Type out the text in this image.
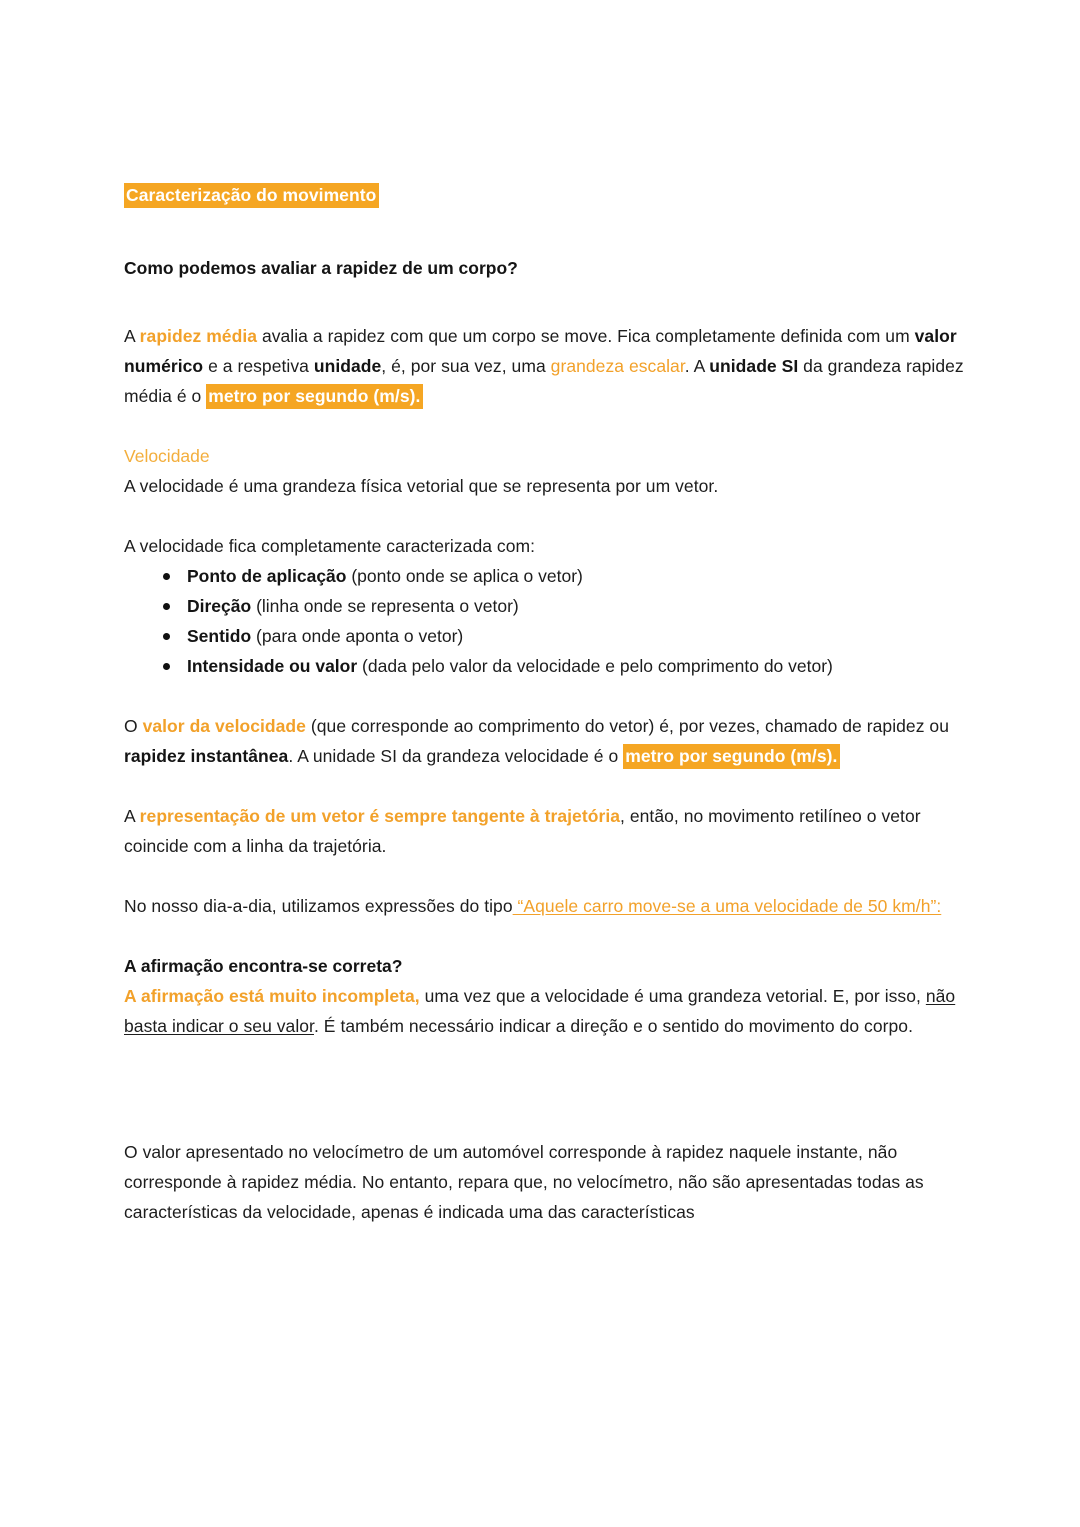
Caracterização do movimento
Como podemos avaliar a rapidez de um corpo?

A rapidez média avalia a rapidez com que um corpo se move. Fica completamente definida com um valor numérico e a respetiva unidade, é, por sua vez, uma grandeza escalar. A unidade SI da grandeza rapidez média é o metro por segundo (m/s).

Velocidade

A velocidade é uma grandeza física vetorial que se representa por um vetor.

A velocidade fica completamente caracterizada com:

Ponto de aplicação (ponto onde se aplica o vetor)
Direção (linha onde se representa o vetor)
Sentido (para onde aponta o vetor)
Intensidade ou valor (dada pelo valor da velocidade e pelo comprimento do vetor)

O valor da velocidade (que corresponde ao comprimento do vetor) é, por vezes, chamado de rapidez ou rapidez instantânea. A unidade SI da grandeza velocidade é o metro por segundo (m/s).

A representação de um vetor é sempre tangente à trajetória, então, no movimento retilíneo o vetor coincide com a linha da trajetória.

No nosso dia-a-dia, utilizamos expressões do tipo “Aquele carro move-se a uma velocidade de 50 km/h”:

A afirmação encontra-se correta?

A afirmação está muito incompleta, uma vez que a velocidade é uma grandeza vetorial. E, por isso, não basta indicar o seu valor. É também necessário indicar a direção e o sentido do movimento do corpo.

O valor apresentado no velocímetro de um automóvel corresponde à rapidez naquele instante, não corresponde à rapidez média. No entanto, repara que, no velocímetro, não são apresentadas todas as características da velocidade, apenas é indicada uma das características
